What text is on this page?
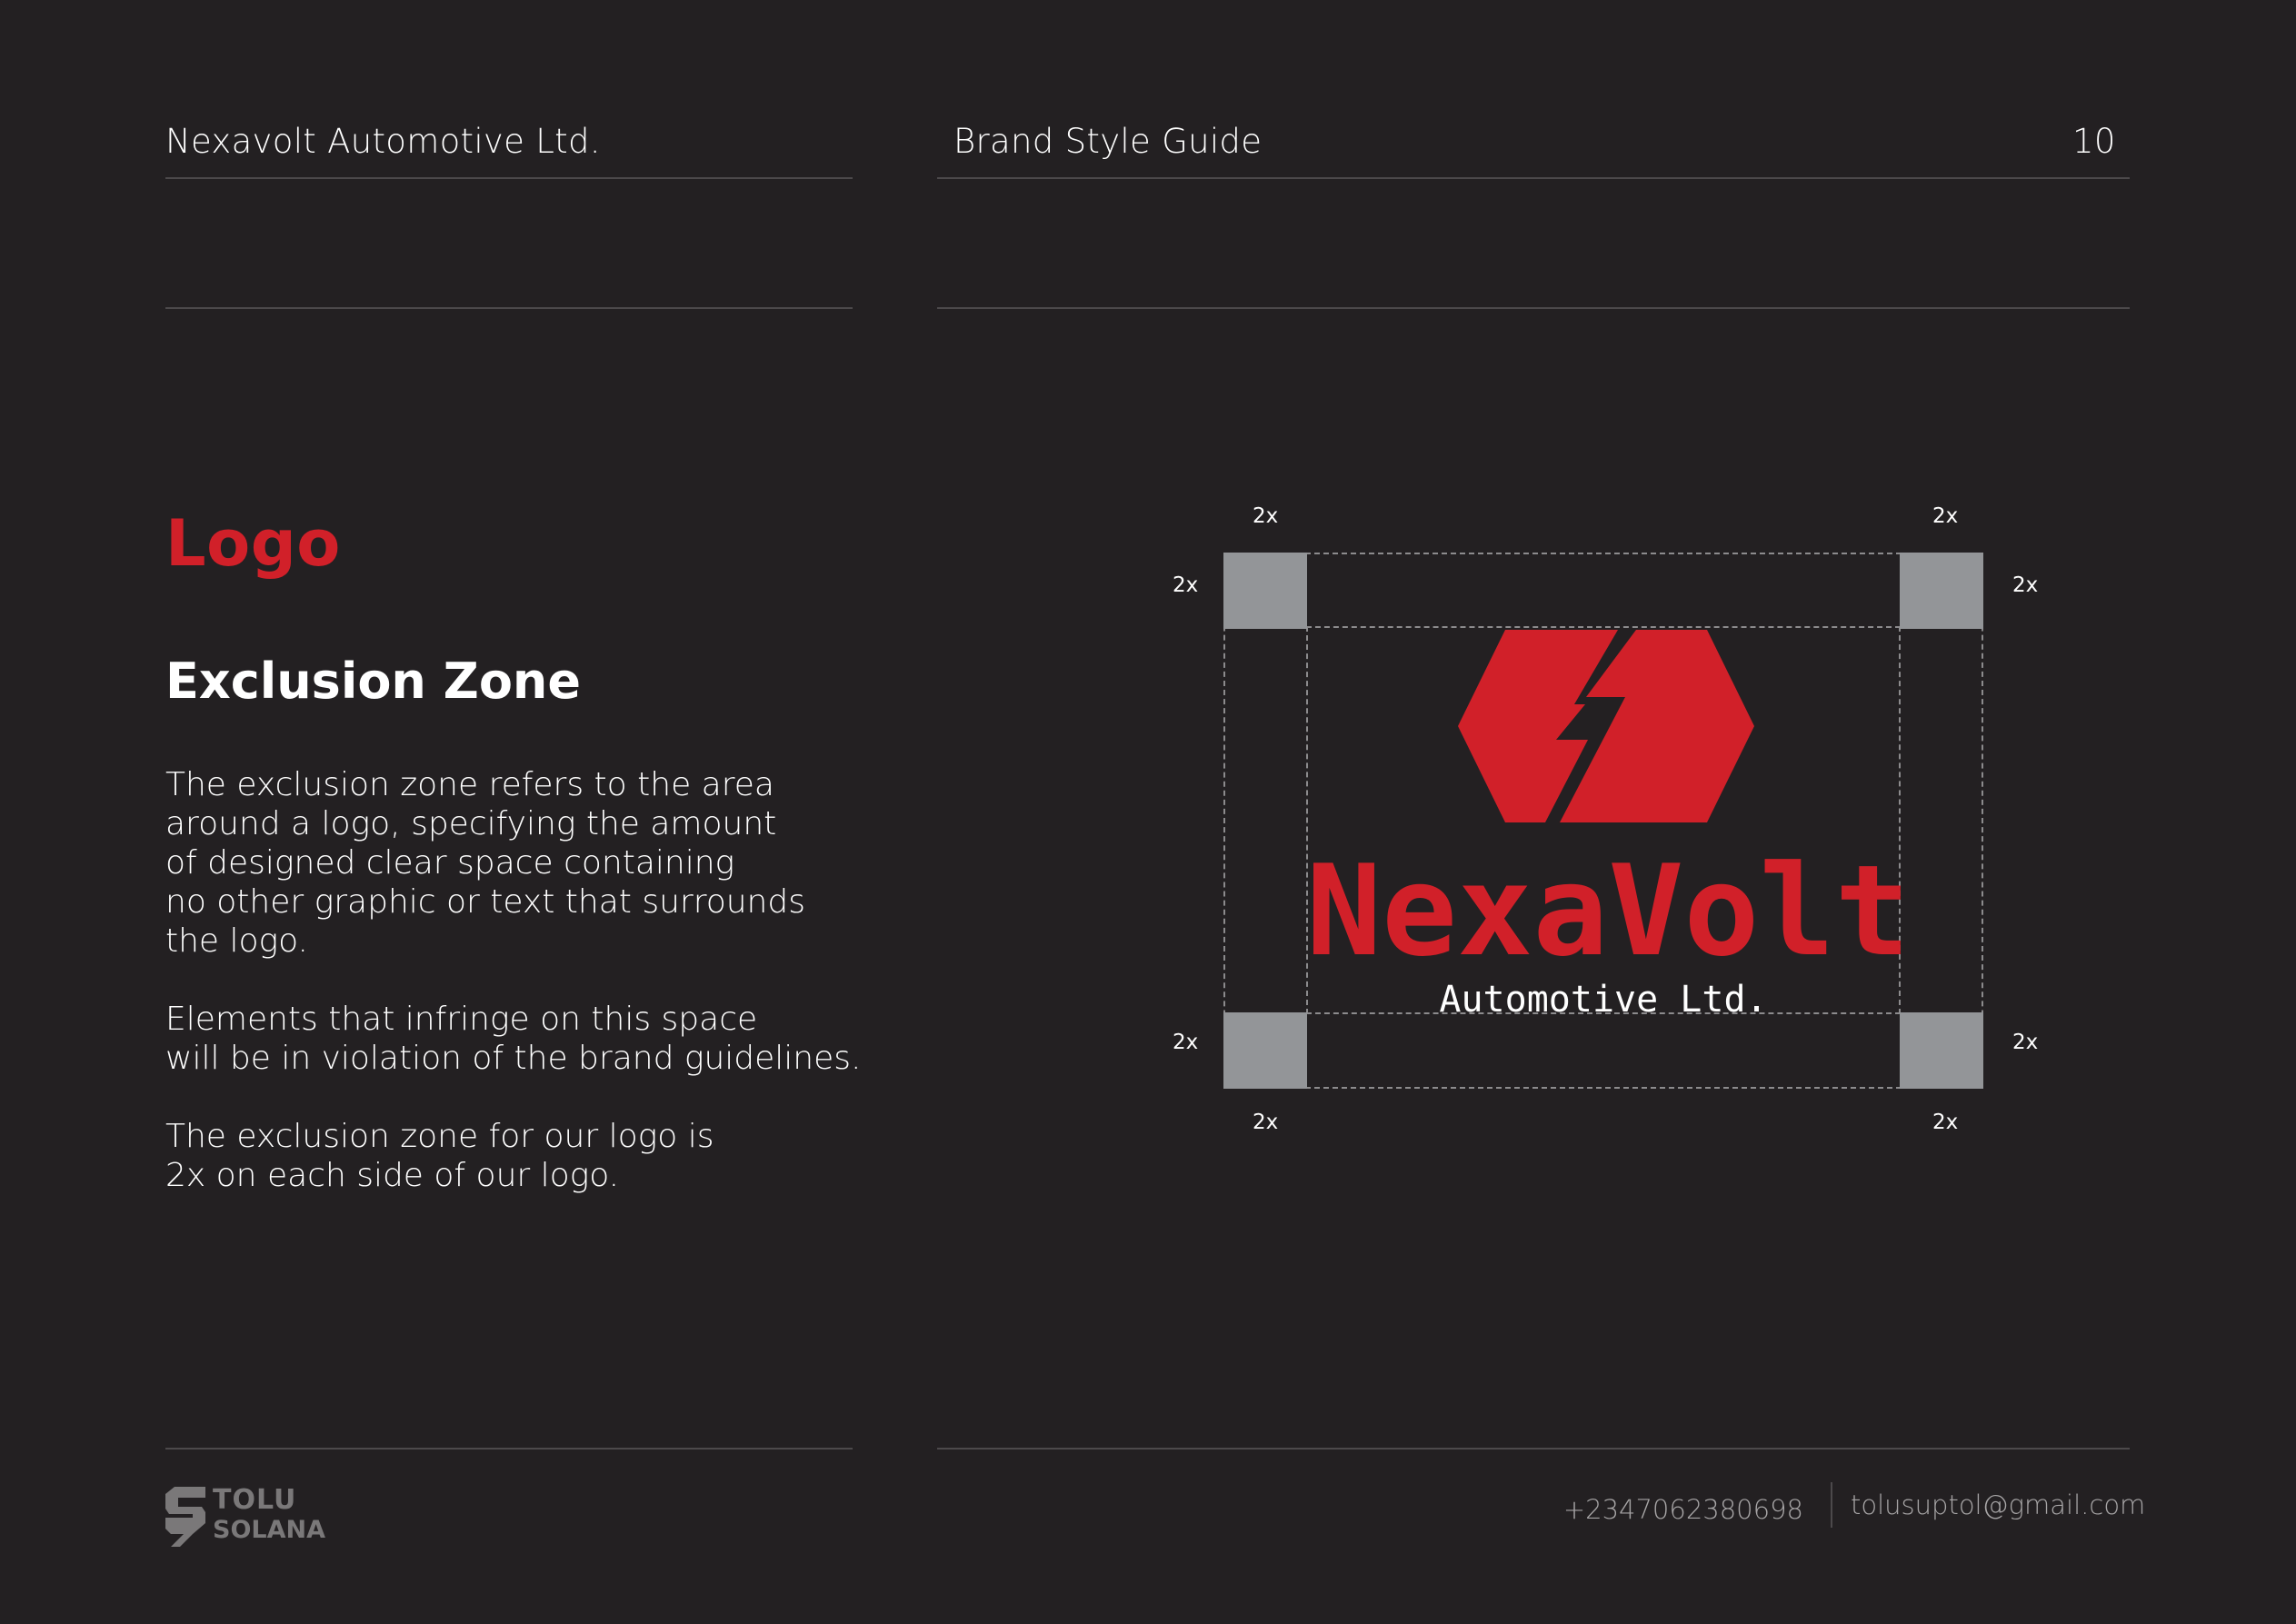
Nexavolt Automotive Ltd.	Brand Style Guide	10
Logo
Exclusion Zone

The exclusion zone refers to the area
around a logo, specifying the amount
of designed clear space containing
no other graphic or text that surrounds
the logo.

Elements that infringe on this space
will be in violation of the brand guidelines.

The exclusion zone for our logo is
2x on each side of our logo.

2x	2x
2x	2x
2x	2x
2x	2x
NexaVolt
Automotive Ltd.
TOLU
SOLANA
+2347062380698 tolusuptol@gmail.com
